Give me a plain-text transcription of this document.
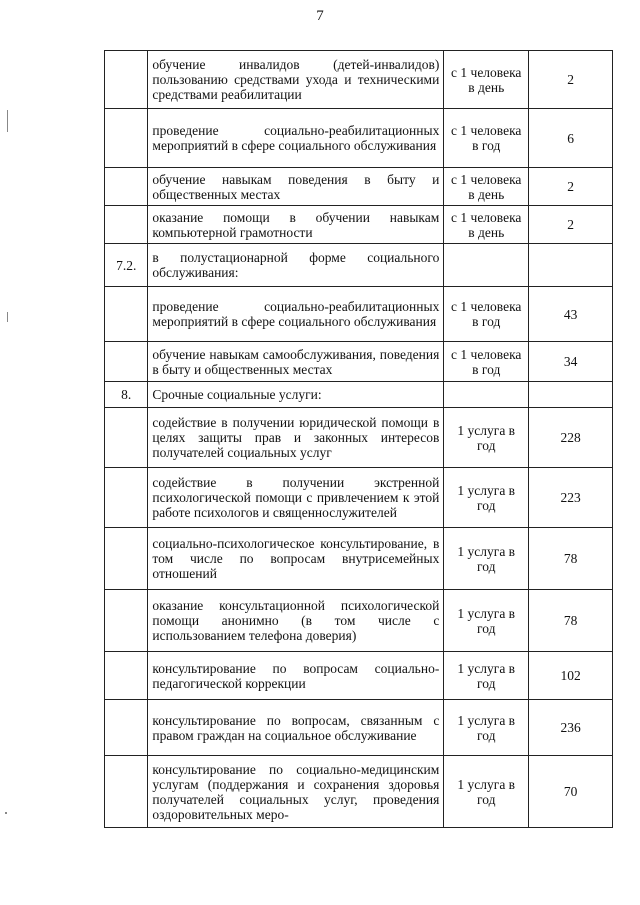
7
	обучение инвалидов (детей-инвалидов) пользованию средствами ухода и техническими средствами реабилитации	с 1 человека в день	2
	проведение социально-реабилитационных мероприятий в сфере социального обслуживания	с 1 человека в год	6
	обучение навыкам поведения в быту и общественных местах	с 1 человека в день	2
	оказание помощи в обучении навыкам компьютерной грамотности	с 1 человека в день	2
7.2.	в полустационарной форме социального обслуживания:		
	проведение социально-реабилитационных мероприятий в сфере социального обслуживания	с 1 человека в год	43
	обучение навыкам самообслуживания, поведения в быту и общественных местах	с 1 человека в год	34
8.	Срочные социальные услуги:		
	содействие в получении юридической помощи в целях защиты прав и законных интересов получателей социальных услуг	1 услуга в год	228
	содействие в получении экстренной психологической помощи с привлечением к этой работе психологов и священнослужителей	1 услуга в год	223
	социально-психологическое консультирование, в том числе по вопросам внутрисемейных отношений	1 услуга в год	78
	оказание консультационной психологической помощи анонимно (в том числе с использованием телефона доверия)	1 услуга в год	78
	консультирование по вопросам социально-педагогической коррекции	1 услуга в год	102
	консультирование по вопросам, связанным с правом граждан на социальное обслуживание	1 услуга в год	236
	консультирование по социально-медицинским услугам (поддержания и сохранения здоровья получателей социальных услуг, проведения оздоровительных меро-	1 услуга в год	70
